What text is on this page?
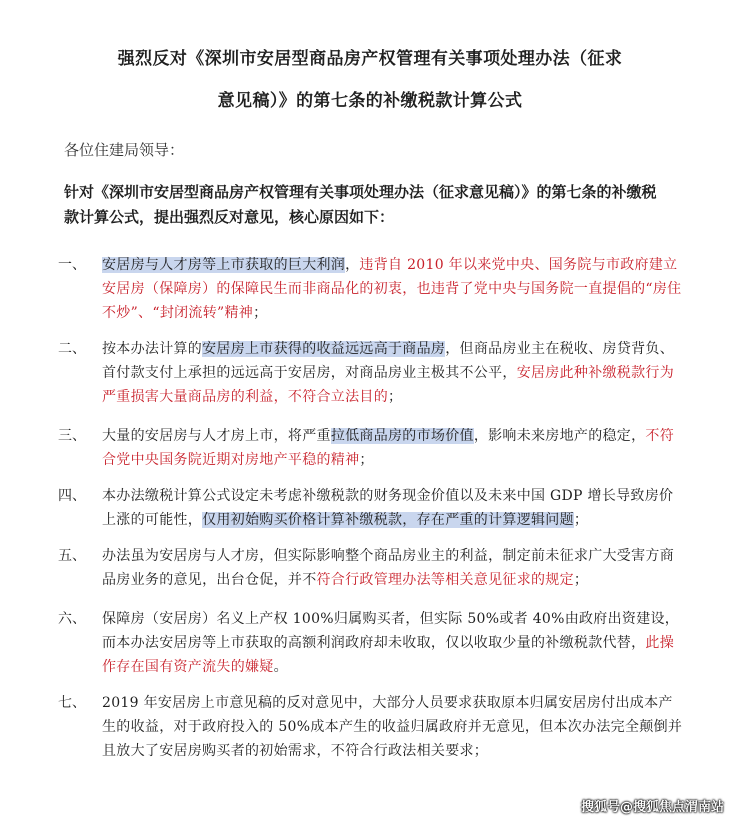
强烈反对《深圳市安居型商品房产权管理有关事项处理办法（征求
意见稿）》的第七条的补缴税款计算公式
各位住建局领导：
针对《深圳市安居型商品房产权管理有关事项处理办法（征求意见稿）》的第七条的补缴税款计算公式，提出强烈反对意见，核心原因如下：
一、	安居房与人才房等上市获取的巨大利润，违背自 2010 年以来党中央、国务院与市政府建立安居房（保障房）的保障民生而非商品化的初衷，也违背了党中央与国务院一直提倡的“房住不炒”、“封闭流转”精神；
二、	按本办法计算的安居房上市获得的收益远远高于商品房，但商品房业主在税收、房贷背负、首付款支付上承担的远远高于安居房，对商品房业主极其不公平，安居房此种补缴税款行为严重损害大量商品房的利益，不符合立法目的；
三、	大量的安居房与人才房上市，将严重拉低商品房的市场价值，影响未来房地产的稳定，不符合党中央国务院近期对房地产平稳的精神；
四、	本办法缴税计算公式设定未考虑补缴税款的财务现金价值以及未来中国 GDP 增长导致房价上涨的可能性，仅用初始购买价格计算补缴税款，存在严重的计算逻辑问题；
五、	办法虽为安居房与人才房，但实际影响整个商品房业主的利益，制定前未征求广大受害方商品房业务的意见，出台仓促，并不符合行政管理办法等相关意见征求的规定；
六、	保障房（安居房）名义上产权 100%归属购买者，但实际 50%或者 40%由政府出资建设，而本办法安居房等上市获取的高额利润政府却未收取，仅以收取少量的补缴税款代替，此操作存在国有资产流失的嫌疑。
七、	2019 年安居房上市意见稿的反对意见中，大部分人员要求获取原本归属安居房付出成本产生的收益，对于政府投入的 50%成本产生的收益归属政府并无意见，但本次办法完全颠倒并且放大了安居房购买者的初始需求，不符合行政法相关要求；
搜狐号@搜狐焦点渭南站
